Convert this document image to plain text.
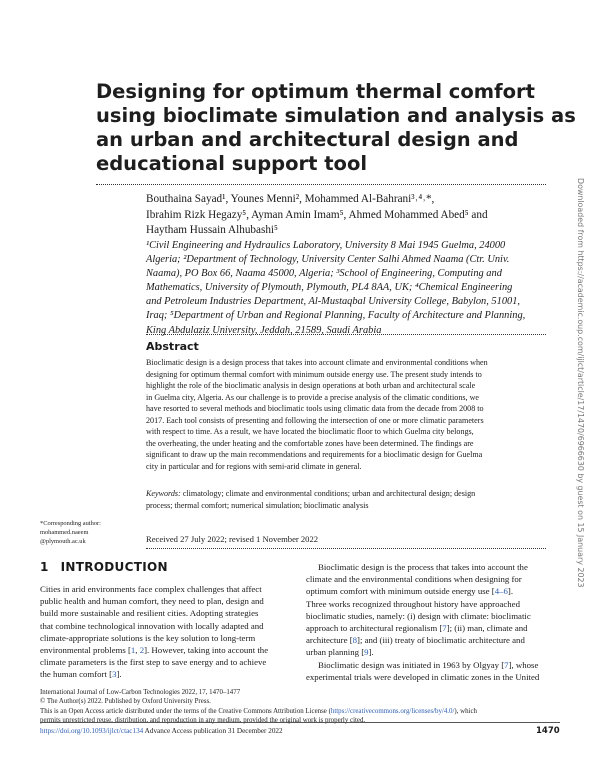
Designing for optimum thermal comfort
using bioclimate simulation and analysis as
an urban and architectural design and
educational support tool
Bouthaina Sayad¹, Younes Menni², Mohammed Al-Bahrani³˒⁴˒*,
Ibrahim Rizk Hegazy⁵, Ayman Amin Imam⁵, Ahmed Mohammed Abed⁵ and
Haytham Hussain Alhubashi⁵
¹Civil Engineering and Hydraulics Laboratory, University 8 Mai 1945 Guelma, 24000
Algeria; ²Department of Technology, University Center Salhi Ahmed Naama (Ctr. Univ.
Naama), PO Box 66, Naama 45000, Algeria; ³School of Engineering, Computing and
Mathematics, University of Plymouth, Plymouth, PL4 8AA, UK; ⁴Chemical Engineering
and Petroleum Industries Department, Al-Mustaqbal University College, Babylon, 51001,
Iraq; ⁵Department of Urban and Regional Planning, Faculty of Architecture and Planning,
King Abdulaziz University, Jeddah, 21589, Saudi Arabia
Abstract
Bioclimatic design is a design process that takes into account climate and environmental conditions when
designing for optimum thermal comfort with minimum outside energy use. The present study intends to
highlight the role of the bioclimatic analysis in design operations at both urban and architectural scale
in Guelma city, Algeria. As our challenge is to provide a precise analysis of the climatic conditions, we
have resorted to several methods and bioclimatic tools using climatic data from the decade from 2008 to
2017. Each tool consists of presenting and following the intersection of one or more climatic parameters
with respect to time. As a result, we have located the bioclimatic floor to which Guelma city belongs,
the overheating, the under heating and the comfortable zones have been determined. The findings are
significant to draw up the main recommendations and requirements for a bioclimatic design for Guelma
city in particular and for regions with semi-arid climate in general.
Keywords: climatology; climate and environmental conditions; urban and architectural design; design
process; thermal comfort; numerical simulation; bioclimatic analysis
*Corresponding author:
mohammed.naeem
@plymouth.ac.uk	Received 27 July 2022; revised 1 November 2022
1 INTRODUCTION
Cities in arid environments face complex challenges that affect
public health and human comfort, they need to plan, design and
build more sustainable and resilient cities. Adopting strategies
that combine technological innovation with locally adapted and
climate-appropriate solutions is the key solution to long-term
environmental problems [1, 2]. However, taking into account the
climate parameters is the first step to save energy and to achieve
the human comfort [3].
Bioclimatic design is the process that takes into account the
climate and the environmental conditions when designing for
optimum comfort with minimum outside energy use [4–6].
Three works recognized throughout history have approached
bioclimatic studies, namely: (i) design with climate: bioclimatic
approach to architectural regionalism [7]; (ii) man, climate and
architecture [8]; and (iii) treaty of bioclimatic architecture and
urban planning [9].
Bioclimatic design was initiated in 1963 by Olgyay [7], whose
experimental trials were developed in climatic zones in the United
International Journal of Low-Carbon Technologies 2022, 17, 1470–1477
© The Author(s) 2022. Published by Oxford University Press.
This is an Open Access article distributed under the terms of the Creative Commons Attribution License (https://creativecommons.org/licenses/by/4.0/), which
permits unrestricted reuse, distribution, and reproduction in any medium, provided the original work is properly cited.
https://doi.org/10.1093/ijlct/ctac134 Advance Access publication 31 December 2022	1470
Downloaded from https://academic.oup.com/ijlct/article/17/1470/6966630 by guest on 15 January 2023
